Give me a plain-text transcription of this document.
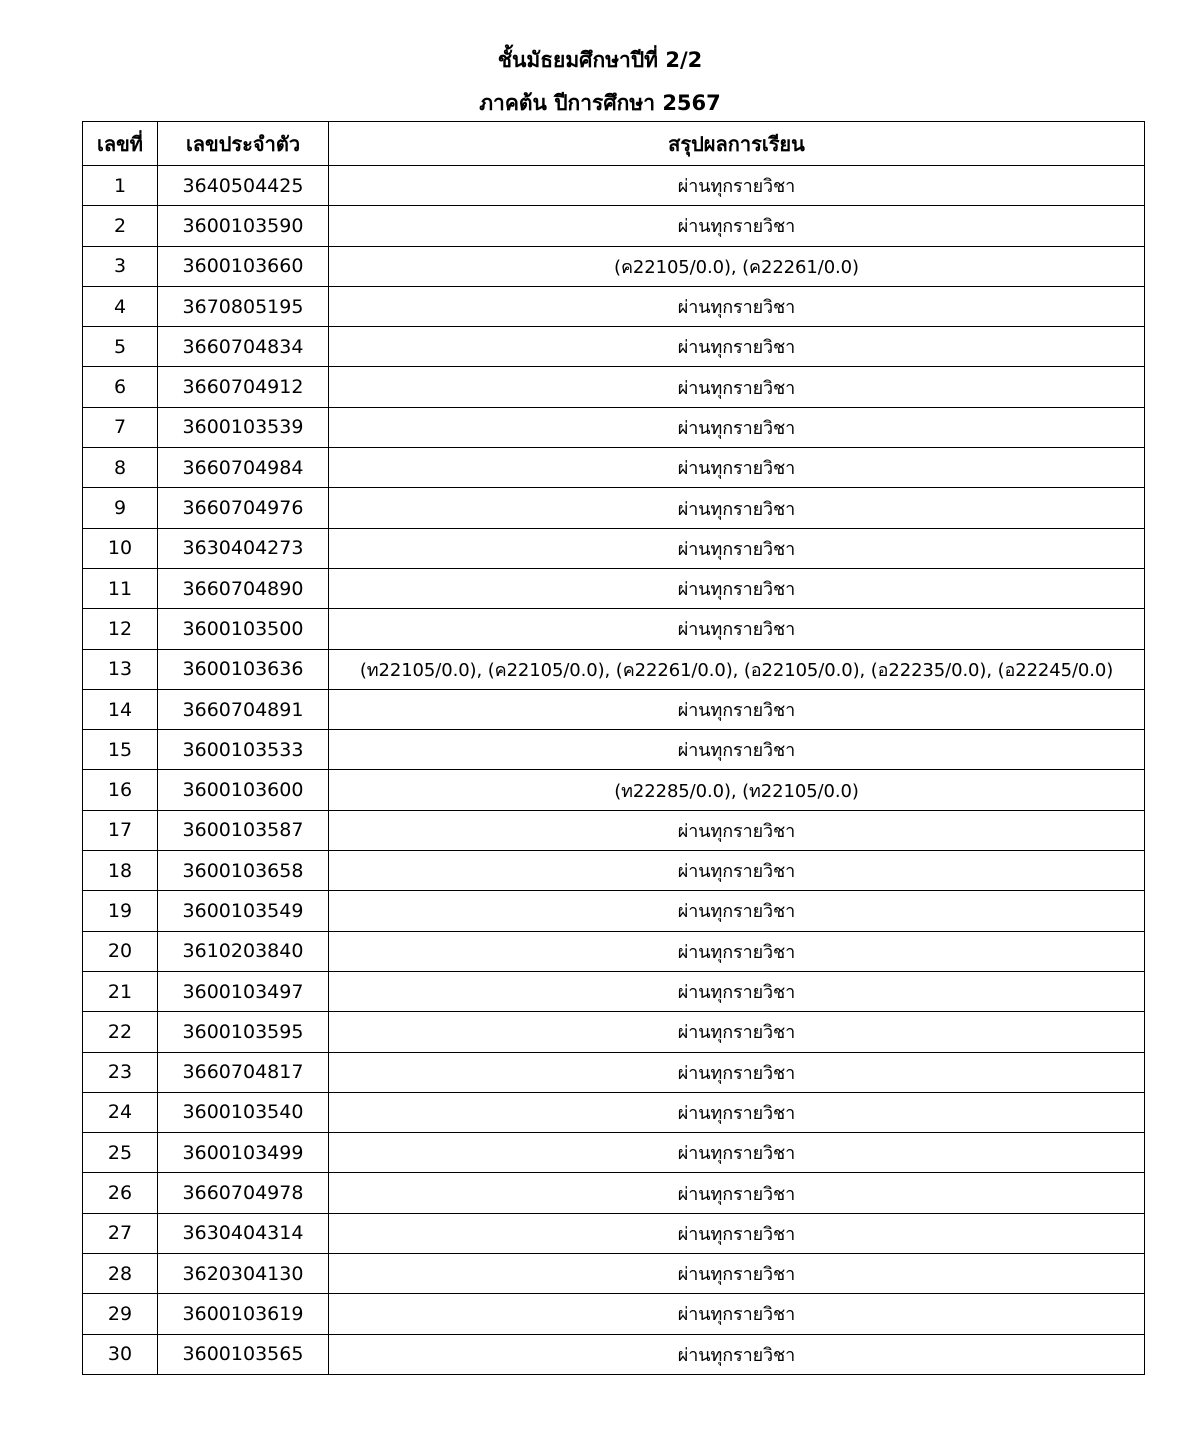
ชั้นมัธยมศึกษาปีที่ 2/2
ภาคต้น ปีการศึกษา 2567
เลขที่	เลขประจำตัว	สรุปผลการเรียน
1	3640504425	ผ่านทุกรายวิชา
2	3600103590	ผ่านทุกรายวิชา
3	3600103660	(ค22105/0.0), (ค22261/0.0)
4	3670805195	ผ่านทุกรายวิชา
5	3660704834	ผ่านทุกรายวิชา
6	3660704912	ผ่านทุกรายวิชา
7	3600103539	ผ่านทุกรายวิชา
8	3660704984	ผ่านทุกรายวิชา
9	3660704976	ผ่านทุกรายวิชา
10	3630404273	ผ่านทุกรายวิชา
11	3660704890	ผ่านทุกรายวิชา
12	3600103500	ผ่านทุกรายวิชา
13	3600103636	(ท22105/0.0), (ค22105/0.0), (ค22261/0.0), (อ22105/0.0), (อ22235/0.0), (อ22245/0.0)
14	3660704891	ผ่านทุกรายวิชา
15	3600103533	ผ่านทุกรายวิชา
16	3600103600	(ท22285/0.0), (ท22105/0.0)
17	3600103587	ผ่านทุกรายวิชา
18	3600103658	ผ่านทุกรายวิชา
19	3600103549	ผ่านทุกรายวิชา
20	3610203840	ผ่านทุกรายวิชา
21	3600103497	ผ่านทุกรายวิชา
22	3600103595	ผ่านทุกรายวิชา
23	3660704817	ผ่านทุกรายวิชา
24	3600103540	ผ่านทุกรายวิชา
25	3600103499	ผ่านทุกรายวิชา
26	3660704978	ผ่านทุกรายวิชา
27	3630404314	ผ่านทุกรายวิชา
28	3620304130	ผ่านทุกรายวิชา
29	3600103619	ผ่านทุกรายวิชา
30	3600103565	ผ่านทุกรายวิชา
